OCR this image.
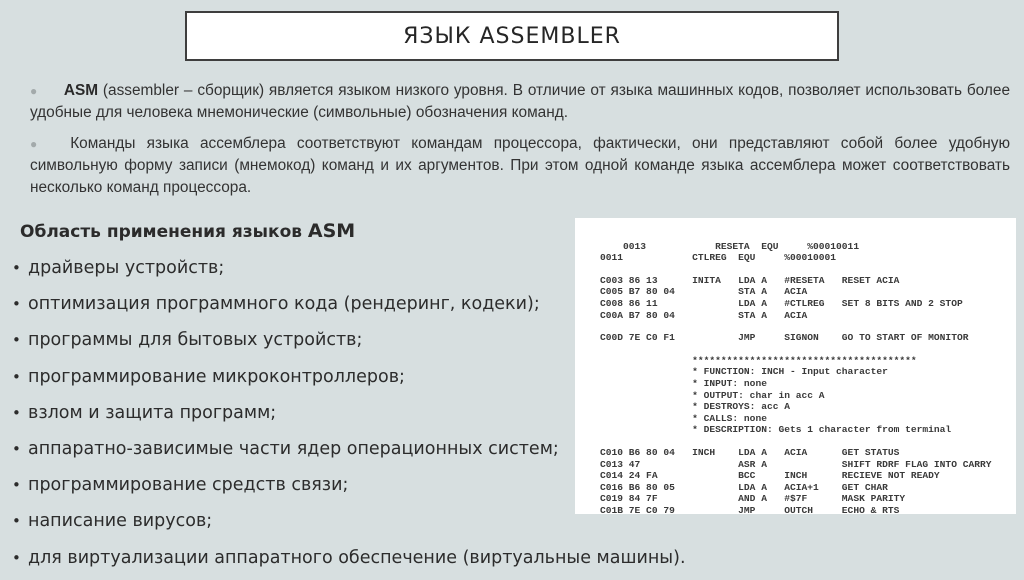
ЯЗЫК ASSEMBLER

● ASM (assembler – сборщик) является языком низкого уровня. В отличие от языка машинных кодов, позволяет использовать более удобные для человека мнемонические (символьные) обозначения команд.

● Команды языка ассемблера соответствуют командам процессора, фактически, они представляют собой более удобную символьную форму записи (мнемокод) команд и их аргументов. При этом одной команде языка ассемблера может соответствовать несколько команд процессора.

Область применения языков ASM
• драйверы устройств;
• оптимизация программного кода (рендеринг, кодеки);
• программы для бытовых устройств;
• программирование микроконтроллеров;
• взлом и защита программ;
• аппаратно-зависимые части ядер операционных систем;
• программирование средств связи;
• написание вирусов;
• для виртуализации аппаратного обеспечение (виртуальные машины).

0013            RESETA  EQU     %00010011
0011            CTLREG  EQU     %00010001

C003 86 13      INITA   LDA A   #RESETA   RESET ACIA
C005 B7 80 04           STA A   ACIA
C008 86 11              LDA A   #CTLREG   SET 8 BITS AND 2 STOP
C00A B7 80 04           STA A   ACIA

C00D 7E C0 F1           JMP     SIGNON    GO TO START OF MONITOR

***************************************
* FUNCTION: INCH - Input character
* INPUT: none
* OUTPUT: char in acc A
* DESTROYS: acc A
* CALLS: none
* DESCRIPTION: Gets 1 character from terminal

C010 B6 80 04   INCH    LDA A   ACIA      GET STATUS
C013 47                 ASR A             SHIFT RDRF FLAG INTO CARRY
C014 24 FA              BCC     INCH      RECIEVE NOT READY
C016 B6 80 05           LDA A   ACIA+1    GET CHAR
C019 84 7F              AND A   #$7F      MASK PARITY
C01B 7E C0 79           JMP     OUTCH     ECHO & RTS
